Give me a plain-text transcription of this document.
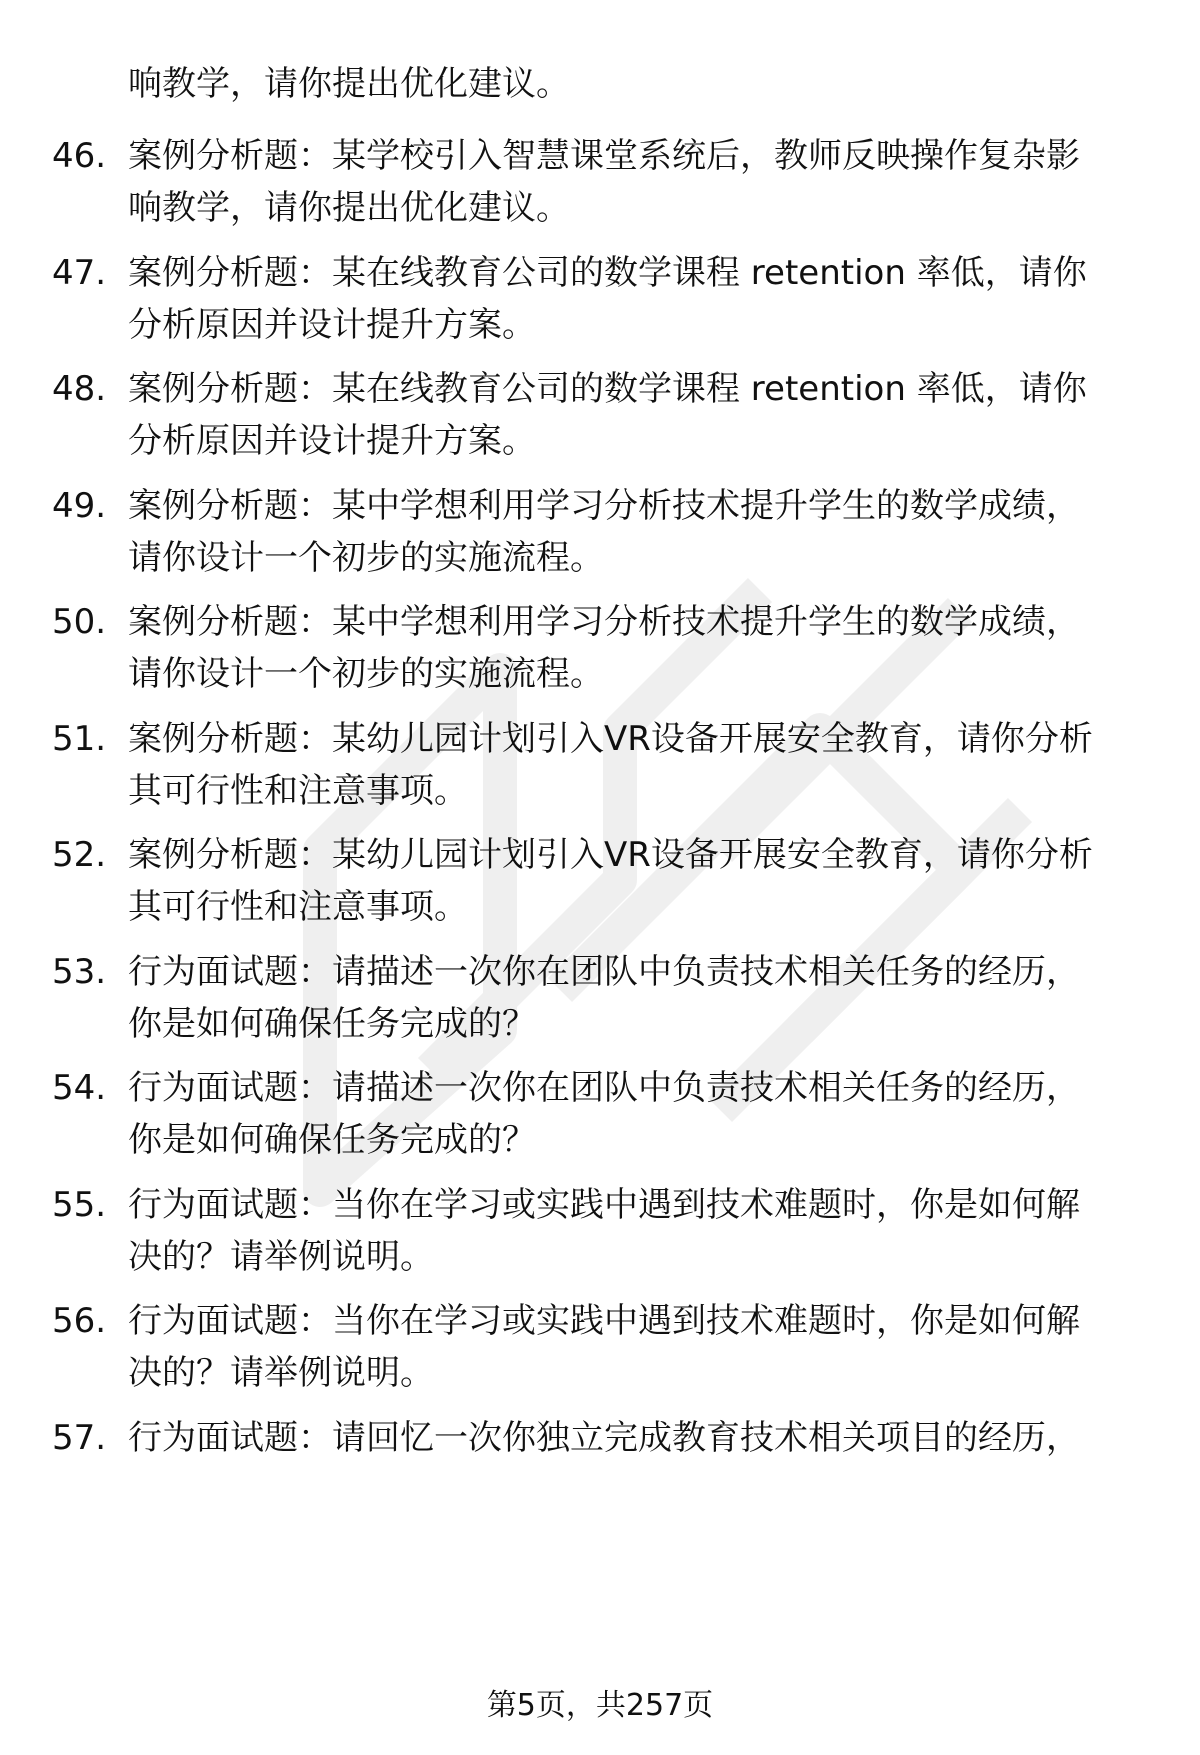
响教学，请你提出优化建议。
46. 案例分析题：某学校引入智慧课堂系统后，教师反映操作复杂影
响教学，请你提出优化建议。
47. 案例分析题：某在线教育公司的数学课程 retention 率低，请你
分析原因并设计提升方案。
48. 案例分析题：某在线教育公司的数学课程 retention 率低，请你
分析原因并设计提升方案。
49. 案例分析题：某中学想利用学习分析技术提升学生的数学成绩，
请你设计一个初步的实施流程。
50. 案例分析题：某中学想利用学习分析技术提升学生的数学成绩，
请你设计一个初步的实施流程。
51. 案例分析题：某幼儿园计划引入VR设备开展安全教育，请你分析
其可行性和注意事项。
52. 案例分析题：某幼儿园计划引入VR设备开展安全教育，请你分析
其可行性和注意事项。
53. 行为面试题：请描述一次你在团队中负责技术相关任务的经历，
你是如何确保任务完成的？
54. 行为面试题：请描述一次你在团队中负责技术相关任务的经历，
你是如何确保任务完成的？
55. 行为面试题：当你在学习或实践中遇到技术难题时，你是如何解
决的？请举例说明。
56. 行为面试题：当你在学习或实践中遇到技术难题时，你是如何解
决的？请举例说明。
57. 行为面试题：请回忆一次你独立完成教育技术相关项目的经历，
第5页，共257页
